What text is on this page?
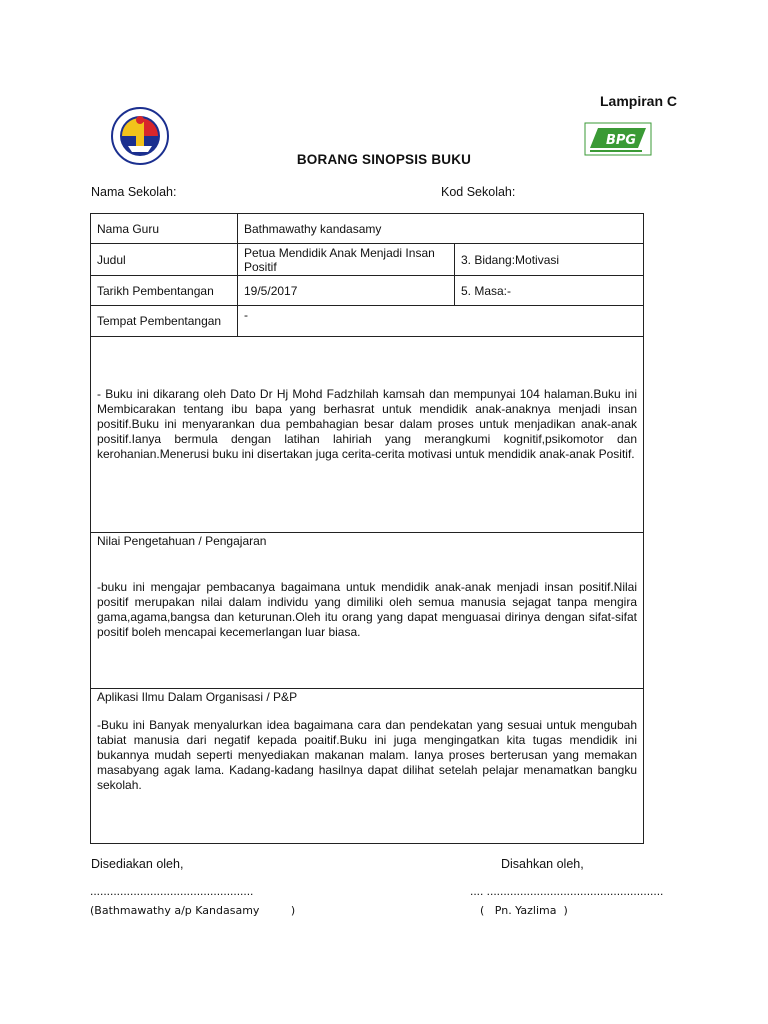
BPG
Lampiran C
BORANG SINOPSIS BUKU
Nama Sekolah:	Kod Sekolah:
Nama Guru	Bathmawathy kandasamy	
Judul	Petua Mendidik Anak Menjadi Insan Positif	3. Bidang:Motivasi
Tarikh Pembentangan	19/5/2017	5. Masa:-
Tempat Pembentangan	-	

- Buku ini dikarang oleh Dato Dr Hj Mohd Fadzhilah kamsah dan mempunyai 104 halaman.Buku ini Membicarakan tentang ibu bapa yang berhasrat untuk mendidik anak-anaknya menjadi insan positif.Buku ini menyarankan dua pembahagian besar dalam proses untuk menjadikan anak-anak positif.Ianya bermula dengan latihan lahiriah yang merangkumi kognitif,psikomotor dan kerohanian.Menerusi buku ini disertakan juga cerita-cerita motivasi untuk mendidik anak-anak Positif.		

Nilai Pengetahuan / Pengajaran
-buku ini mengajar pembacanya bagaimana untuk mendidik anak-anak menjadi insan positif.Nilai positif merupakan nilai dalam individu yang dimiliki oleh semua manusia sejagat tanpa mengira gama,agama,bangsa dan keturunan.Oleh itu orang yang dapat menguasai dirinya dengan sifat-sifat positif boleh mencapai kecemerlangan luar biasa.		

Aplikasi Ilmu Dalam Organisasi / P&P
-Buku ini Banyak menyalurkan idea bagaimana cara dan pendekatan yang sesuai untuk mengubah tabiat manusia dari negatif kepada poaitif.Buku ini juga mengingatkan kita tugas mendidik ini bukannya mudah seperti menyediakan makanan malam. Ianya proses berterusan yang memakan masabyang agak lama. Kadang-kadang hasilnya dapat dilihat setelah pelajar menamatkan bangku sekolah.		
Disediakan oleh,	Disahkan oleh,
.................................................	.... .....................................................
(Bathmawathy a/p Kandasamy         )	(   Pn. Yazlima  )
